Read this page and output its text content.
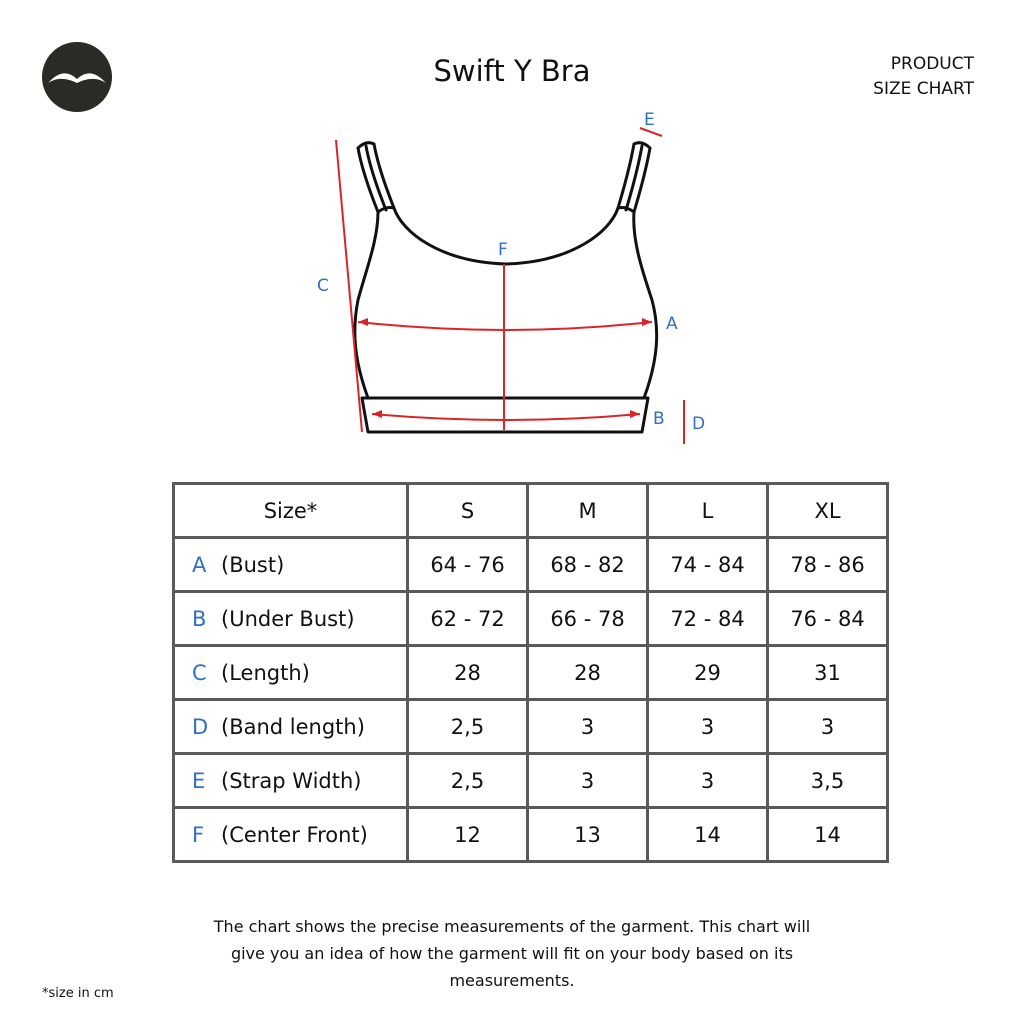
Swift Y Bra	PRODUCT
SIZE CHART
C
A
F
B D
E
Size*	S	M	L	XL
A (Bust)	64 - 76	68 - 82	74 - 84	78 - 86
B (Under Bust)	62 - 72	66 - 78	72 - 84	76 - 84
C (Length)	28	28	29	31
D (Band length)	2,5	3	3	3
E (Strap Width)	2,5	3	3	3,5
F (Center Front)	12	13	14	14
The chart shows the precise measurements of the garment. This chart will
give you an idea of how the garment will fit on your body based on its
measurements.
*size in cm
